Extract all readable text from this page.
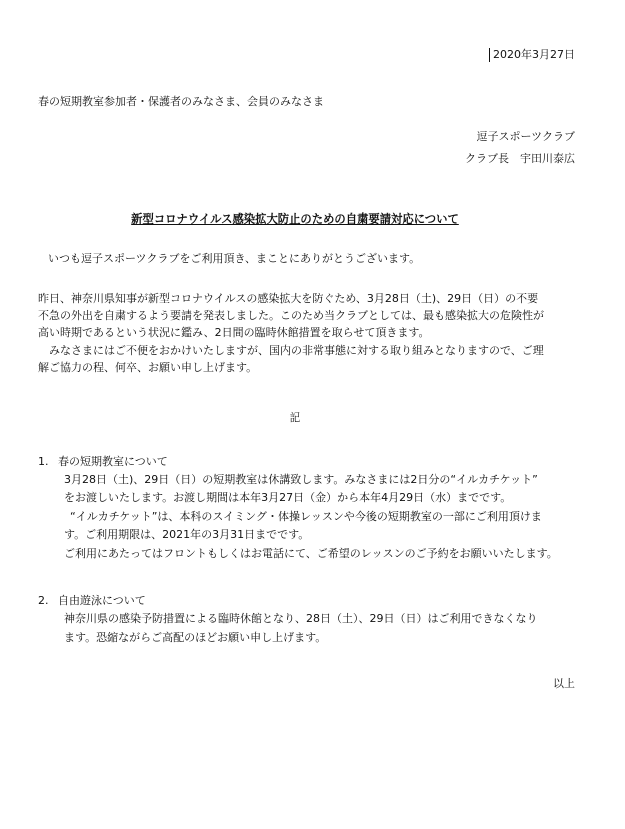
2020年3月27日
春の短期教室参加者・保護者のみなさま、会員のみなさま
逗子スポーツクラブ
クラブ長　宇田川泰広
新型コロナウイルス感染拡大防止のための自粛要請対応について
いつも逗子スポーツクラブをご利用頂き、まことにありがとうございます。
昨日、神奈川県知事が新型コロナウイルスの感染拡大を防ぐため、3月28日（土)、29日（日）の不要
不急の外出を自粛するよう要請を発表しました。このため当クラブとしては、最も感染拡大の危険性が
高い時期であるという状況に鑑み、2日間の臨時休館措置を取らせて頂きます。
　みなさまにはご不便をおかけいたしますが、国内の非常事態に対する取り組みとなりますので、ご理
解ご協力の程、何卒、お願い申し上げます。
記
1. 春の短期教室について
3月28日（土)、29日（日）の短期教室は休講致します。みなさまには2日分の“イルカチケット”
をお渡しいたします。お渡し期間は本年3月27日（金）から本年4月29日（水）までです。
“イルカチケット”は、本科のスイミング・体操レッスンや今後の短期教室の一部にご利用頂けま
す。ご利用期限は、2021年の3月31日までです。
ご利用にあたってはフロントもしくはお電話にて、ご希望のレッスンのご予約をお願いいたします。
2. 自由遊泳について
神奈川県の感染予防措置による臨時休館となり、28日（土）、29日（日）はご利用できなくなり
ます。恐縮ながらご高配のほどお願い申し上げます。
以上
